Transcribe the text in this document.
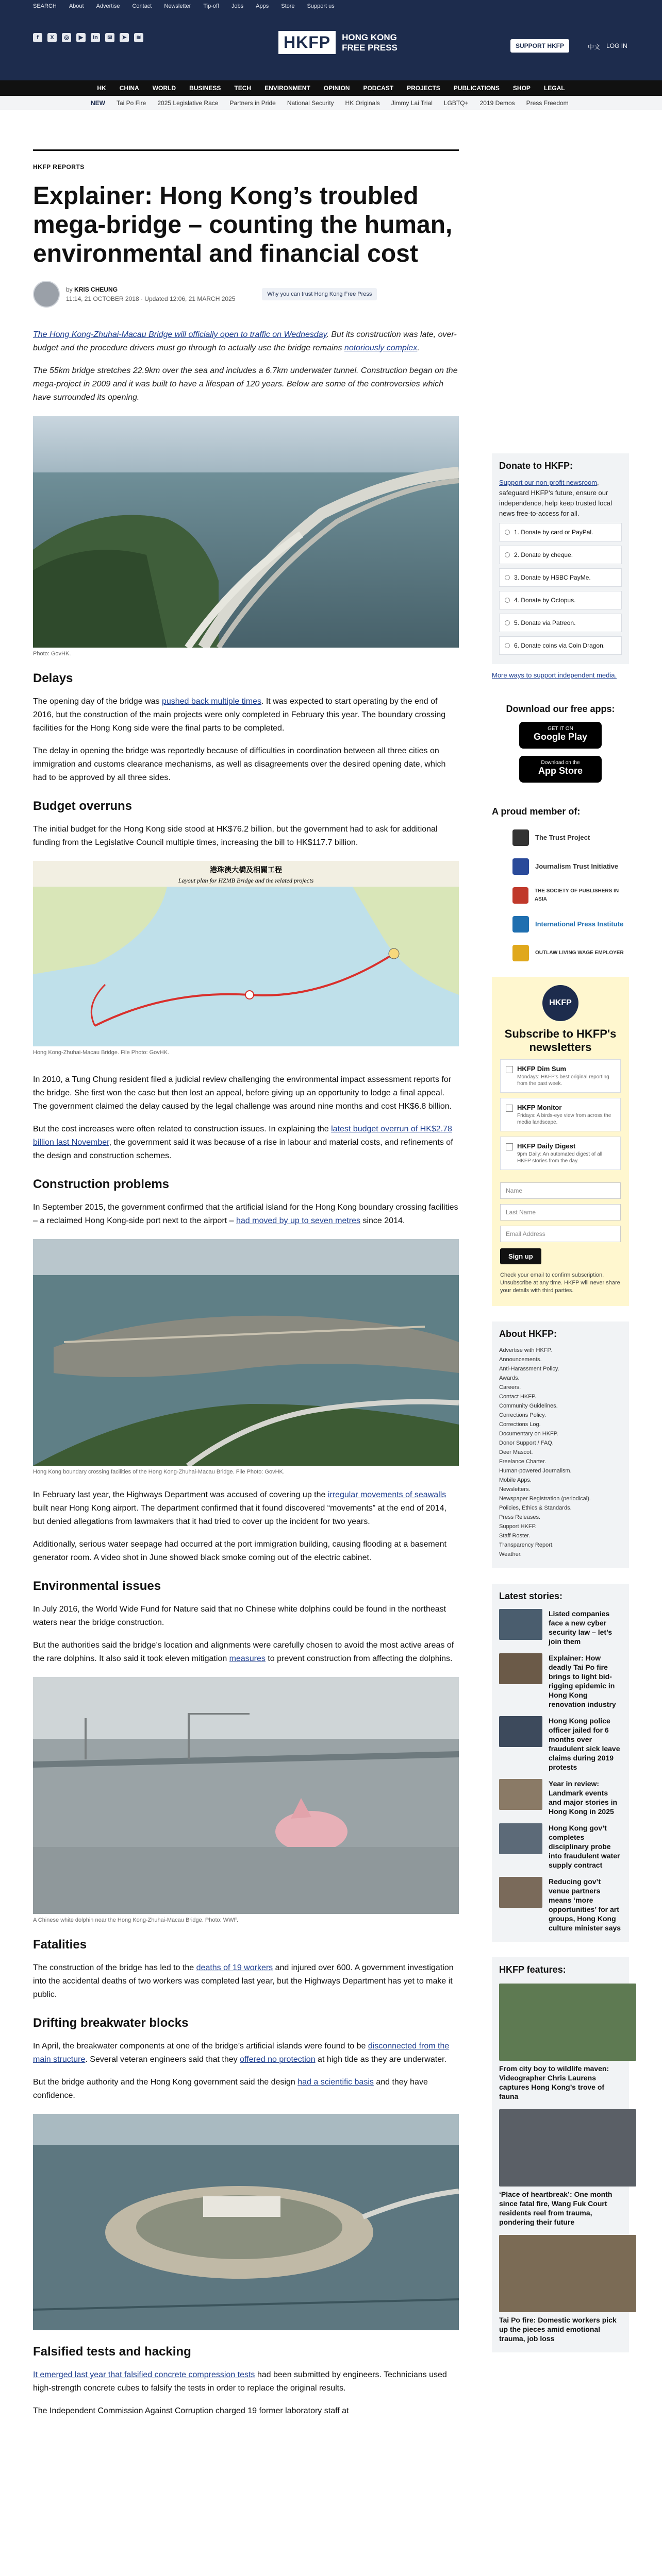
SEARCH About Advertise Contact Newsletter Tip-off Jobs Apps Store Support us
f	X	◎	▶	in	✉	➤	≋	HKFP	HONG KONG
FREE PRESS	SUPPORT HKFP	中文 LOG IN
HK CHINA WORLD BUSINESS TECH ENVIRONMENT OPINION PODCAST PROJECTS PUBLICATIONS SHOP LEGAL
NEW Tai Po Fire 2025 Legislative Race Partners in Pride National Security HK Originals Jimmy Lai Trial LGBTQ+ 2019 Demos Press Freedom
HKFP REPORTS
Explainer: Hong Kong’s troubled mega-bridge – counting the human, environmental and financial cost
by KRIS CHEUNG
11:14, 21 OCTOBER 2018 · Updated 12:06, 21 MARCH 2025
Why you can trust Hong Kong Free Press

The Hong Kong-Zhuhai-Macau Bridge will officially open to traffic on Wednesday. But its construction was late, over-budget and the procedure drivers must go through to actually use the bridge remains notoriously complex.

The 55km bridge stretches 22.9km over the sea and includes a 6.7km underwater tunnel. Construction began on the mega-project in 2009 and it was built to have a lifespan of 120 years. Below are some of the controversies which have surrounded its opening.

Photo: GovHK.
Delays

The opening day of the bridge was pushed back multiple times. It was expected to start operating by the end of 2016, but the construction of the main projects were only completed in February this year. The boundary crossing facilities for the Hong Kong side were the final parts to be completed.

The delay in opening the bridge was reportedly because of difficulties in coordination between all three cities on immigration and customs clearance mechanisms, as well as disagreements over the desired opening date, which had to be approved by all three sides.

Budget overruns

The initial budget for the Hong Kong side stood at HK$76.2 billion, but the government had to ask for additional funding from the Legislative Council multiple times, increasing the bill to HK$117.7 billion.

港珠澳大橋及相關工程
Layout plan for HZMB Bridge and the related projects
Hong Kong-Zhuhai-Macau Bridge. File Photo: GovHK.

In 2010, a Tung Chung resident filed a judicial review challenging the environmental impact assessment reports for the bridge. She first won the case but then lost an appeal, before giving up an opportunity to lodge a final appeal. The government claimed the delay caused by the legal challenge was around nine months and cost HK$6.8 billion.

But the cost increases were often related to construction issues. In explaining the latest budget overrun of HK$2.78 billion last November, the government said it was because of a rise in labour and material costs, and refinements of the design and construction schemes.

Construction problems

In September 2015, the government confirmed that the artificial island for the Hong Kong boundary crossing facilities – a reclaimed Hong Kong-side port next to the airport – had moved by up to seven metres since 2014.

Hong Kong boundary crossing facilities of the Hong Kong-Zhuhai-Macau Bridge. File Photo: GovHK.

In February last year, the Highways Department was accused of covering up the irregular movements of seawalls built near Hong Kong airport. The department confirmed that it found discovered “movements” at the end of 2014, but denied allegations from lawmakers that it had tried to cover up the incident for two years.

Additionally, serious water seepage had occurred at the port immigration building, causing flooding at a basement generator room. A video shot in June showed black smoke coming out of the electric cabinet.

Environmental issues

In July 2016, the World Wide Fund for Nature said that no Chinese white dolphins could be found in the northeast waters near the bridge construction.

But the authorities said the bridge’s location and alignments were carefully chosen to avoid the most active areas of the rare dolphins. It also said it took eleven mitigation measures to prevent construction from affecting the dolphins.

A Chinese white dolphin near the Hong Kong-Zhuhai-Macau Bridge. Photo: WWF.
Fatalities

The construction of the bridge has led to the deaths of 19 workers and injured over 600. A government investigation into the accidental deaths of two workers was completed last year, but the Highways Department has yet to make it public.

Drifting breakwater blocks

In April, the breakwater components at one of the bridge’s artificial islands were found to be disconnected from the main structure. Several veteran engineers said that they offered no protection at high tide as they are underwater.

But the bridge authority and the Hong Kong government said the design had a scientific basis and they have confidence.

Falsified tests and hacking

It emerged last year that falsified concrete compression tests had been submitted by engineers. Technicians used high-strength concrete cubes to falsify the tests in order to replace the original results.

The Independent Commission Against Corruption charged 19 former laboratory staff at

Donate to HKFP:
Support our non-profit newsroom, safeguard HKFP's future, ensure our independence, help keep trusted local news free-to-access for all.
1. Donate by card or PayPal.
2. Donate by cheque.
3. Donate by HSBC PayMe.
4. Donate by Octopus.
5. Donate via Patreon.
6. Donate coins via Coin Dragon.
More ways to support independent media.
Download our free apps:
GET IT ON
Google Play
Download on the
App Store
A proud member of:
The Trust Project
Journalism Trust Initiative
THE SOCIETY OF PUBLISHERS IN ASIA
International Press Institute
OUTLAW LIVING WAGE EMPLOYER
HKFP
Subscribe to HKFP's newsletters
HKFP Dim Sum
Mondays: HKFP's best original reporting from the past week.
HKFP Monitor
Fridays: A birds-eye view from across the media landscape.
HKFP Daily Digest
9pm Daily: An automated digest of all HKFP stories from the day.
Name
Last Name
Email Address
Sign up
Check your email to confirm subscription. Unsubscribe at any time. HKFP will never share your details with third parties.
About HKFP:
Advertise with HKFP.
Announcements.
Anti-Harassment Policy.
Awards.
Careers.
Contact HKFP.
Community Guidelines.
Corrections Policy.
Corrections Log.
Documentary on HKFP.
Donor Support / FAQ.
Deer Mascot.
Freelance Charter.
Human-powered Journalism.
Mobile Apps.
Newsletters.
Newspaper Registration (periodical).
Policies, Ethics & Standards.
Press Releases.
Support HKFP.
Staff Roster.
Transparency Report.
Weather.
Latest stories:
Listed companies face a new cyber security law – let’s join them
Explainer: How deadly Tai Po fire brings to light bid-rigging epidemic in Hong Kong renovation industry
Hong Kong police officer jailed for 6 months over fraudulent sick leave claims during 2019 protests
Year in review: Landmark events and major stories in Hong Kong in 2025
Hong Kong gov’t completes disciplinary probe into fraudulent water supply contract
Reducing gov’t venue partners means ‘more opportunities’ for art groups, Hong Kong culture minister says
HKFP features:
From city boy to wildlife maven: Videographer Chris Laurens captures Hong Kong’s trove of fauna
‘Place of heartbreak’: One month since fatal fire, Wang Fuk Court residents reel from trauma, pondering their future
Tai Po fire: Domestic workers pick up the pieces amid emotional trauma, job loss
